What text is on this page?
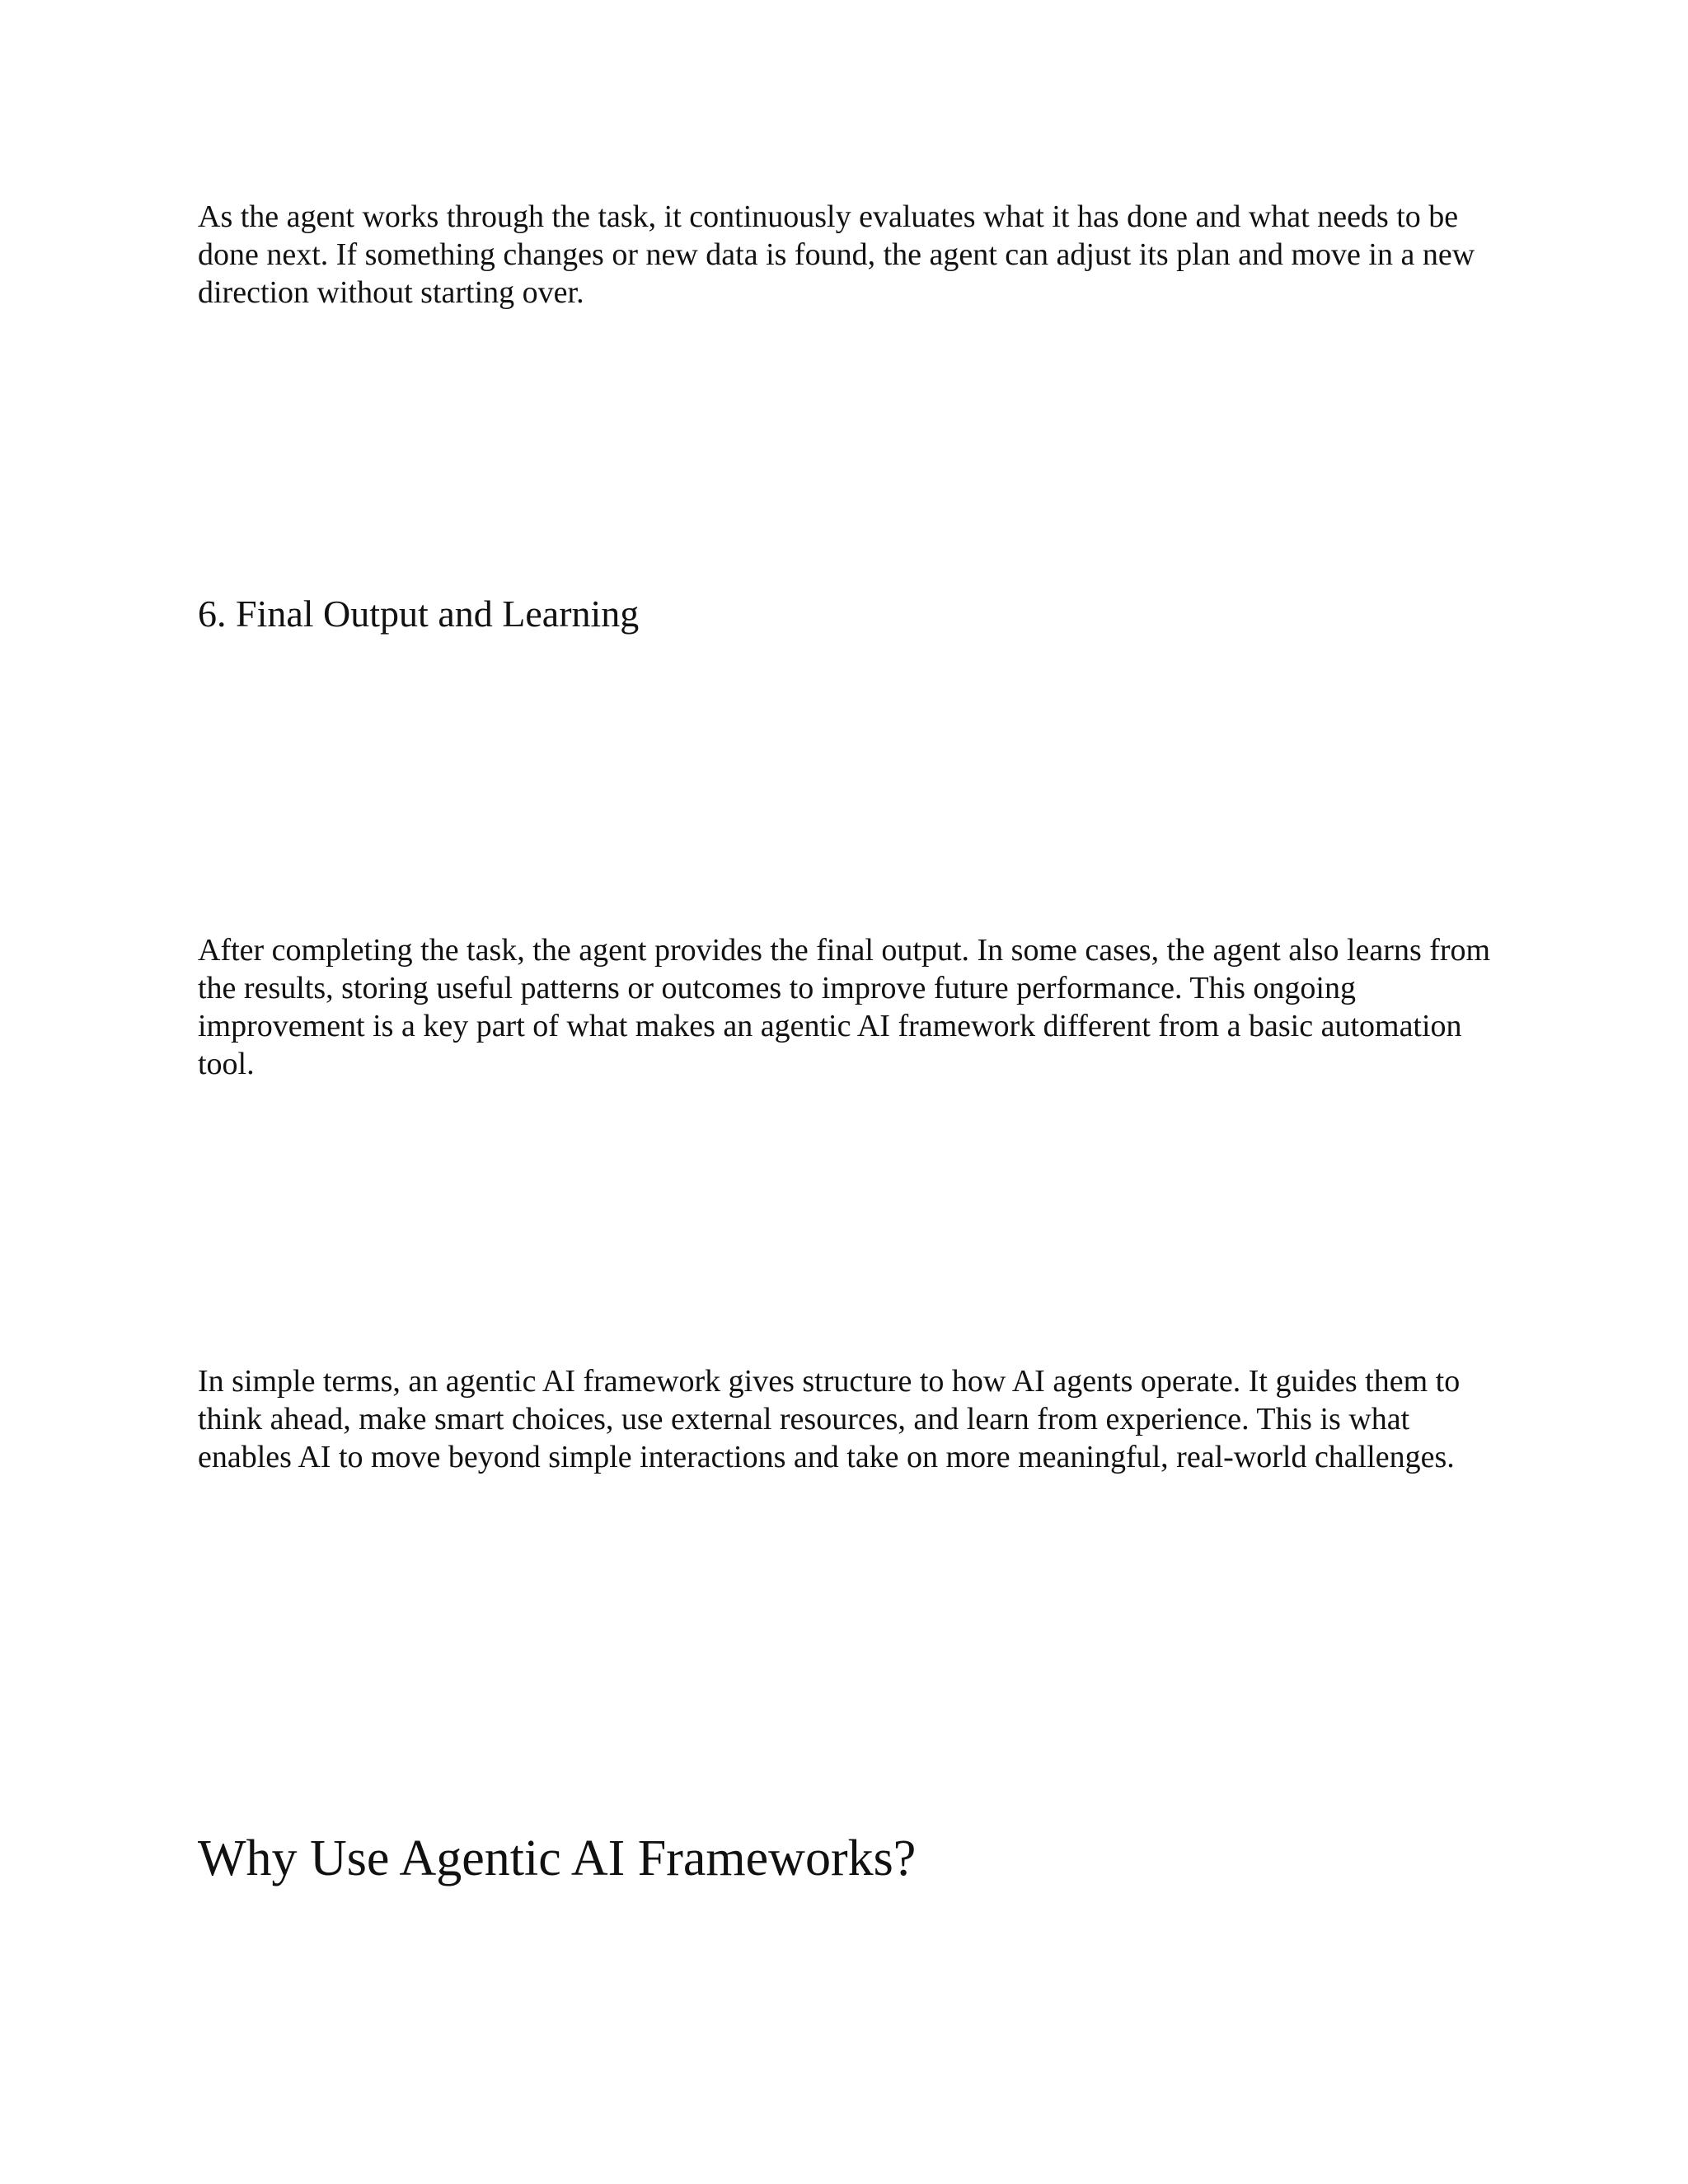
As the agent works through the task, it continuously evaluates what it has done and what needs to be done next. If something changes or new data is found, the agent can adjust its plan and move in a new direction without starting over.

6. Final Output and Learning

After completing the task, the agent provides the final output. In some cases, the agent also learns from the results, storing useful patterns or outcomes to improve future performance. This ongoing improvement is a key part of what makes an agentic AI framework different from a basic automation tool.

In simple terms, an agentic AI framework gives structure to how AI agents operate. It guides them to think ahead, make smart choices, use external resources, and learn from experience. This is what enables AI to move beyond simple interactions and take on more meaningful, real-world challenges.

Why Use Agentic AI Frameworks?
